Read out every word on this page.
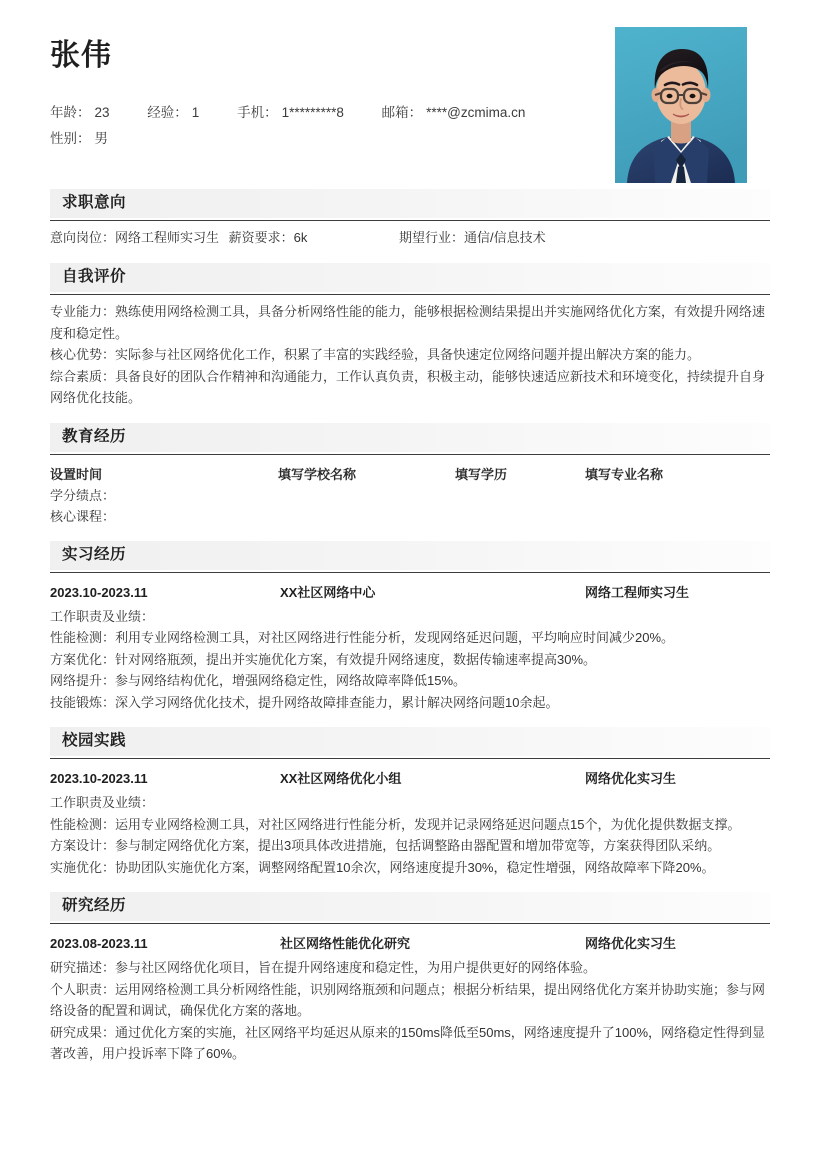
张伟
年龄： 23	经验： 1	手机： 1*********8	邮箱： ****@zcmima.cn
性别： 男
求职意向
意向岗位：网络工程师实习生 薪资要求：6k	期望行业：通信/信息技术
自我评价

专业能力：熟练使用网络检测工具，具备分析网络性能的能力，能够根据检测结果提出并实施网络优化方案，有效提升网络速度和稳定性。

核心优势：实际参与社区网络优化工作，积累了丰富的实践经验，具备快速定位网络问题并提出解决方案的能力。

综合素质：具备良好的团队合作精神和沟通能力，工作认真负责，积极主动，能够快速适应新技术和环境变化，持续提升自身网络优化技能。

教育经历
设置时间	填写学校名称	填写学历	填写专业名称
学分绩点：
核心课程：
实习经历
2023.10-2023.11	XX社区网络中心	网络工程师实习生

工作职责及业绩：

性能检测：利用专业网络检测工具，对社区网络进行性能分析，发现网络延迟问题，平均响应时间减少20%。

方案优化：针对网络瓶颈，提出并实施优化方案，有效提升网络速度，数据传输速率提高30%。

网络提升：参与网络结构优化，增强网络稳定性，网络故障率降低15%。

技能锻炼：深入学习网络优化技术，提升网络故障排查能力，累计解决网络问题10余起。

校园实践
2023.10-2023.11	XX社区网络优化小组	网络优化实习生

工作职责及业绩：

性能检测：运用专业网络检测工具，对社区网络进行性能分析，发现并记录网络延迟问题点15个，为优化提供数据支撑。

方案设计：参与制定网络优化方案，提出3项具体改进措施，包括调整路由器配置和增加带宽等，方案获得团队采纳。

实施优化：协助团队实施优化方案，调整网络配置10余次，网络速度提升30%，稳定性增强，网络故障率下降20%。

研究经历
2023.08-2023.11	社区网络性能优化研究	网络优化实习生

研究描述：参与社区网络优化项目，旨在提升网络速度和稳定性，为用户提供更好的网络体验。

个人职责：运用网络检测工具分析网络性能，识别网络瓶颈和问题点；根据分析结果，提出网络优化方案并协助实施；参与网络设备的配置和调试，确保优化方案的落地。

研究成果：通过优化方案的实施，社区网络平均延迟从原来的150ms降低至50ms，网络速度提升了100%，网络稳定性得到显著改善，用户投诉率下降了60%。
